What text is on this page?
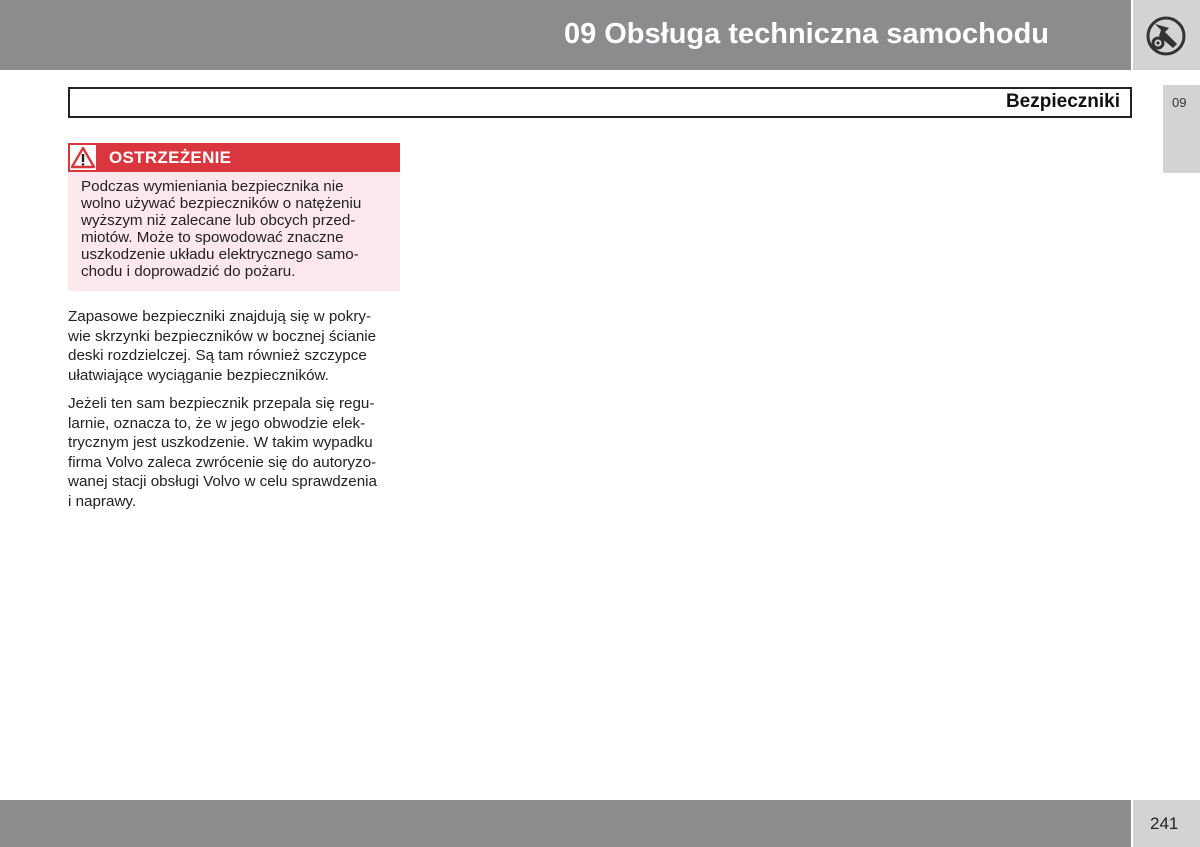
09 Obsługa techniczna samochodu
Bezpieczniki	09
OSTRZEŻENIE
Podczas wymieniania bezpiecznika nie
wolno używać bezpieczników o natężeniu
wyższym niż zalecane lub obcych przed-
miotów. Może to spowodować znaczne
uszkodzenie układu elektrycznego samo-
chodu i doprowadzić do pożaru.
Zapasowe bezpieczniki znajdują się w pokry-
wie skrzynki bezpieczników w bocznej ścianie
deski rozdzielczej. Są tam również szczypce
ułatwiające wyciąganie bezpieczników.
Jeżeli ten sam bezpiecznik przepala się regu-
larnie, oznacza to, że w jego obwodzie elek-
trycznym jest uszkodzenie. W takim wypadku
firma Volvo zaleca zwrócenie się do autoryzo-
wanej stacji obsługi Volvo w celu sprawdzenia
i naprawy.
241
